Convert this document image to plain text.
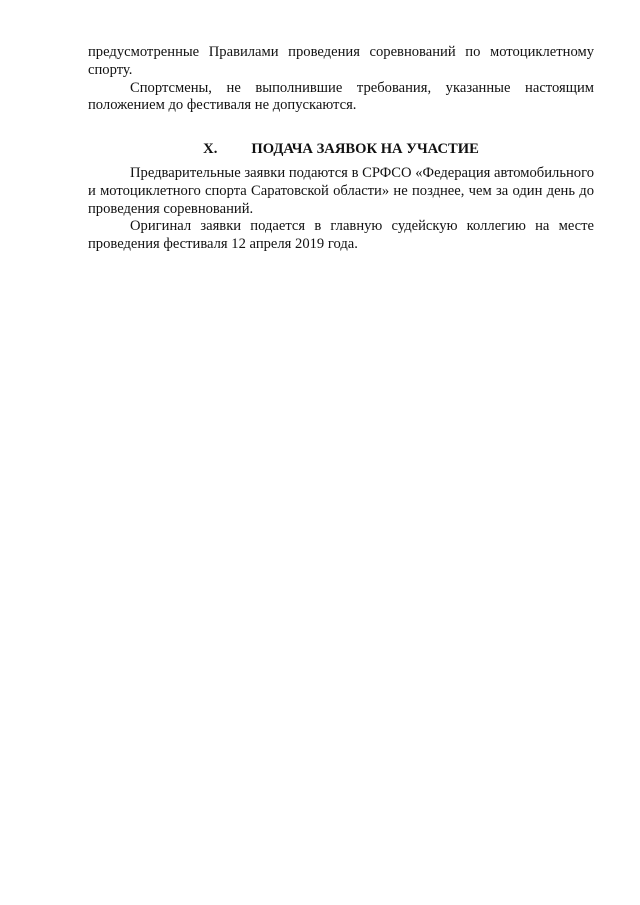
предусмотренные Правилами проведения соревнований по мотоциклетному спорту.

Спортсмены, не выполнившие требования, указанные настоящим положением до фестиваля не допускаются.

X. ПОДАЧА ЗАЯВОК НА УЧАСТИЕ

Предварительные заявки подаются в СРФСО «Федерация автомобильного и мотоциклетного спорта Саратовской области» не позднее, чем за один день до проведения соревнований.

Оригинал заявки подается в главную судейскую коллегию на месте проведения фестиваля 12 апреля 2019 года.
